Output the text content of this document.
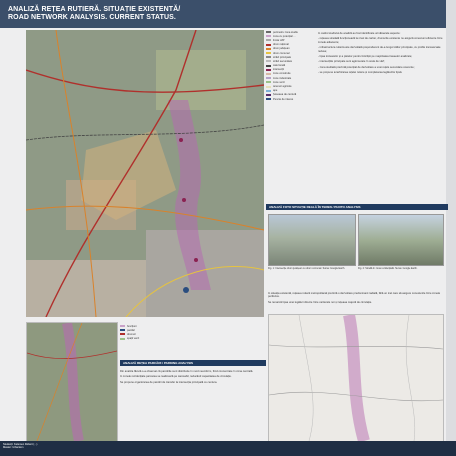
ANALIZĂ REȚEA RUTIERĂ. SITUAȚIE EXISTENTĂ/
ROAD NETWORK ANALYSIS. CURRENT STATUS.
perimetru zona studiu
zona cu potențial ...
limita UAT
drum național
drum județean
drum comunal
străzi principale
străzi secundare
cale ferată
intersecții
zone construite
zone industriale
zone verzi
terenuri agricole
ape
Șoseaua de centură
Puncte de interes

In cadrul studiului de analiză au fost identificate următoarele aspecte:

- rețeaua stradală funcționează la nivel de cartier, drumurile existente nu asigură conexiuni eficiente între zonele adiacente;

- infrastructura rutieră este dezvoltată preponderent de-a lungul căilor principale, cu profile transversale reduse;

- lipsa trotuarelor și a pistelor pentru bicicliști pe majoritatea traseelor analizate;

- intersecțiile principale sunt aglomerate în orele de vârf;

- zona studiată prezintă potențial de dezvoltare a unei rețele secundare coerente;

- se propune ierarhizarea rețelei rutiere și completarea legăturilor lipsă.

ANALIZĂ FOTO SITUAȚIE REALĂ ÎN TEREN / PHOTO ANALYSIS
Fig. 1: Intersecție drum județean cu drum comunal. Sursa: Google Earth.	Fig. 2: Stradă în zona rezidențială. Sursa: Google Earth.

In situația existentă, rețeaua rutieră metropolitană prezintă o dezvoltare predominant radială, fără un inel care să asigure conexiunile între zonele periferice.

Se remarcă lipsa unei legături directe între cartierele noi și rețeaua majoră de circulație.

funcțiuni
parcări
drumuri
spații verzi
ANALIZĂ REȚEA PARCĂRI / PARKING ANALYSIS

Din analiza făcută s-a observat că parcările sunt distribuite în mod neuniform, fiind concentrate în zona centrală.

In zonele rezidențiale parcarea se realizează pe carosabil, reducând capacitatea de circulație.

Se propune organizarea de parcări de transfer la intersecția principală cu centura.

Studenți: Kelemen Robert (...)
Master: Urbanism
